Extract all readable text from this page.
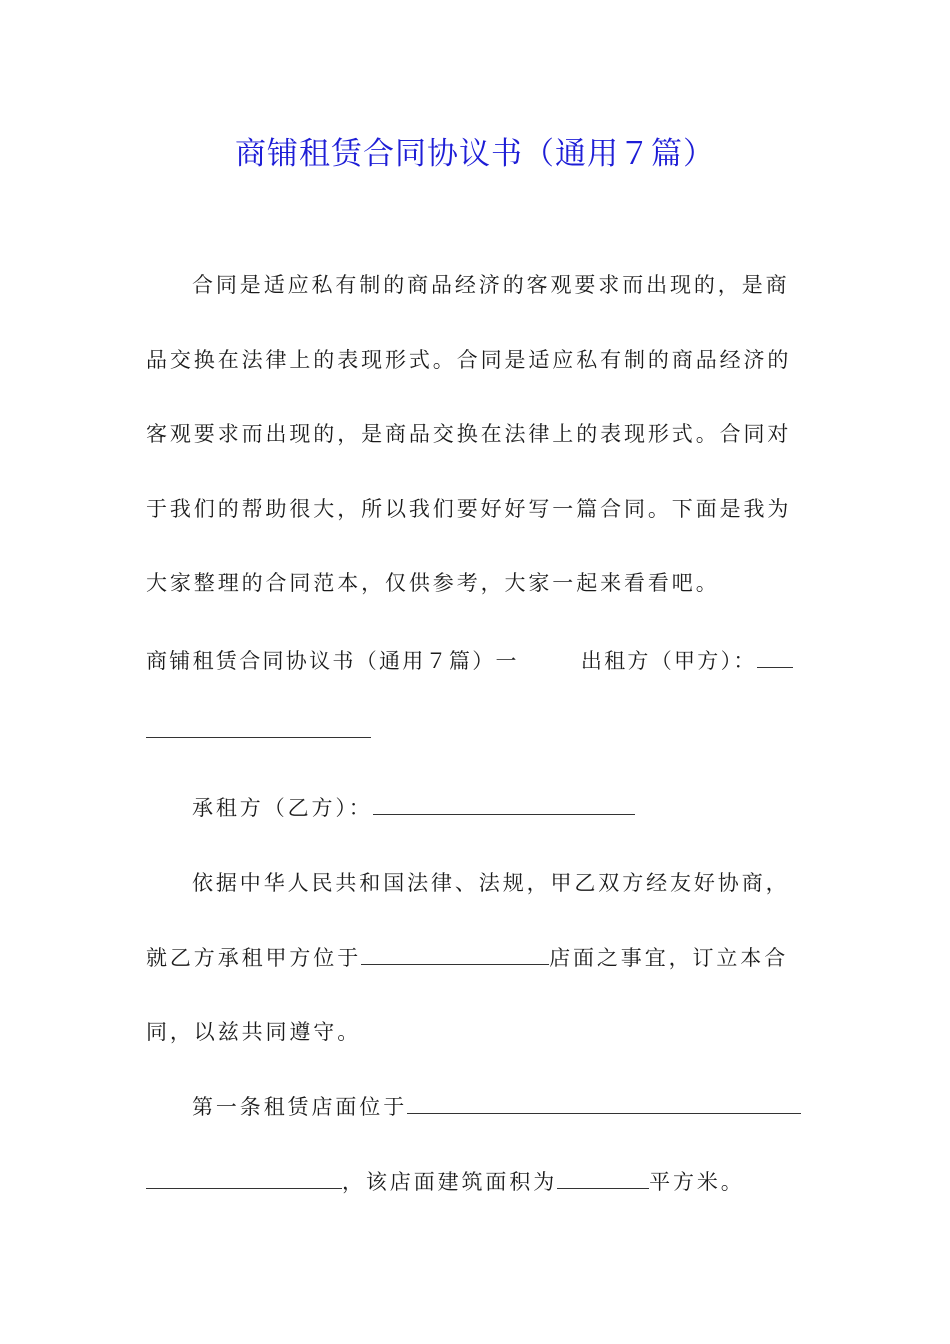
商铺租赁合同协议书（通用７篇）
合同是适应私有制的商品经济的客观要求而出现的，是商
品交换在法律上的表现形式。合同是适应私有制的商品经济的
客观要求而出现的，是商品交换在法律上的表现形式。合同对
于我们的帮助很大，所以我们要好好写一篇合同。下面是我为
大家整理的合同范本，仅供参考，大家一起来看看吧。
商铺租赁合同协议书（通用７篇）一	出租方（甲方）：
承租方（乙方）：
依据中华人民共和国法律、法规，甲乙双方经友好协商，
就乙方承租甲方位于	店面之事宜，订立本合
同，以兹共同遵守。
第一条租赁店面位于
，该店面建筑面积为	平方米。
